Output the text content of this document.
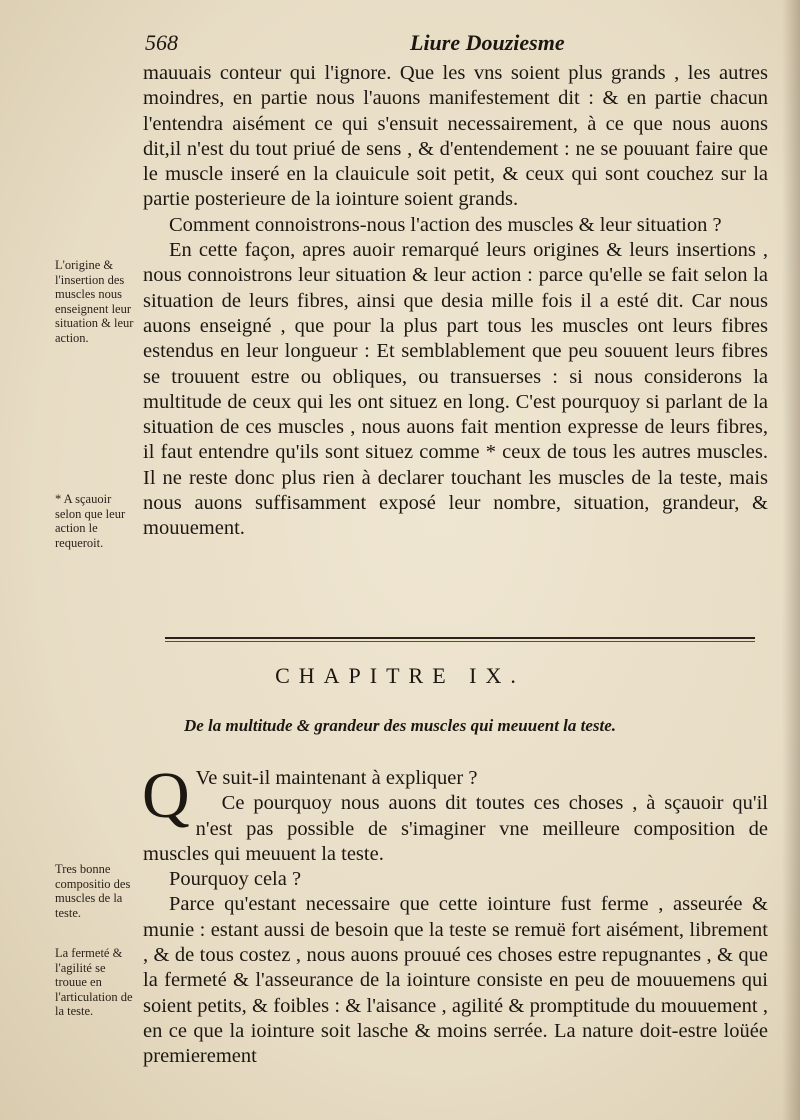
568	Liure Douziesme

mauuais conteur qui l'ignore. Que les vns soient plus grands , les autres moindres, en partie nous l'auons manifestement dit : & en partie chacun l'entendra aisément ce qui s'ensuit necessairement, à ce que nous auons dit,il n'est du tout priué de sens , & d'entendement : ne se pouuant faire que le muscle inseré en la clauicule soit petit, & ceux qui sont couchez sur la partie posterieure de la iointure soient grands.

Comment connoistrons-nous l'action des muscles & leur situation ?

En cette façon, apres auoir remarqué leurs origines & leurs insertions , nous connoistrons leur situation & leur action : parce qu'elle se fait selon la situation de leurs fibres, ainsi que desia mille fois il a esté dit. Car nous auons enseigné , que pour la plus part tous les muscles ont leurs fibres estendus en leur longueur : Et semblablement que peu souuent leurs fibres se trouuent estre ou obliques, ou transuerses : si nous considerons la multitude de ceux qui les ont situez en long. C'est pourquoy si parlant de la situation de ces muscles , nous auons fait mention expresse de leurs fibres, il faut entendre qu'ils sont situez comme * ceux de tous les autres muscles. Il ne reste donc plus rien à declarer touchant les muscles de la teste, mais nous auons suffisamment exposé leur nombre, situation, grandeur, & mouuement.

L'origine & l'insertion des muscles nous enseignent leur situation & leur action.
* A sçauoir selon que leur action le requeroit.
CHAPITRE IX.
De la multitude & grandeur des muscles qui meuuent la teste.

Q Ve suit-il maintenant à expliquer ?

Ce pourquoy nous auons dit toutes ces choses , à sçauoir qu'il n'est pas possible de s'imaginer vne meilleure composition de muscles qui meuuent la teste.

Pourquoy cela ?

Parce qu'estant necessaire que cette iointure fust ferme , asseurée & munie : estant aussi de besoin que la teste se remuë fort aisément, librement , & de tous costez , nous auons prouué ces choses estre repugnantes , & que la fermeté & l'asseurance de la iointure consiste en peu de mouuemens qui soient petits, & foibles : & l'aisance , agilité & promptitude du mouuement , en ce que la iointure soit lasche & moins serrée. La nature doit-estre loüée premierement

Tres bonne compositio des muscles de la teste.
La fermeté & l'agilité se trouue en l'articulation de la teste.
